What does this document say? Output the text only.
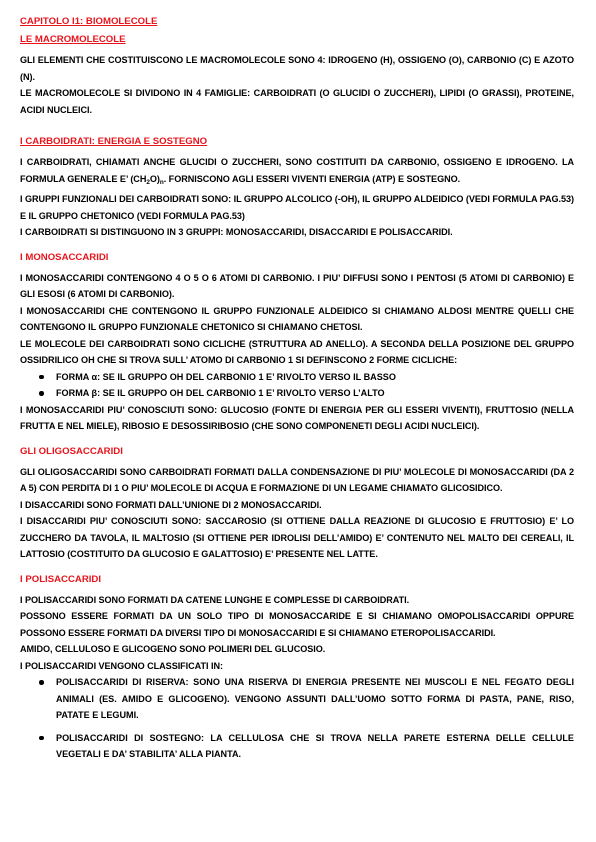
CAPITOLO I1: BIOMOLECOLE
LE MACROMOLECOLE

GLI ELEMENTI CHE COSTITUISCONO LE MACROMOLECOLE SONO 4: IDROGENO (H), OSSIGENO (O), CARBONIO (C) E AZOTO (N).

LE MACROMOLECOLE SI DIVIDONO IN 4 FAMIGLIE: CARBOIDRATI (O GLUCIDI O ZUCCHERI), LIPIDI (O GRASSI), PROTEINE, ACIDI NUCLEICI.

I CARBOIDRATI: ENERGIA E SOSTEGNO

I CARBOIDRATI, CHIAMATI ANCHE GLUCIDI O ZUCCHERI, SONO COSTITUITI DA CARBONIO, OSSIGENO E IDROGENO. LA FORMULA GENERALE E’ $(CH_2O)_n$. FORNISCONO AGLI ESSERI VIVENTI ENERGIA (ATP) E SOSTEGNO.

I GRUPPI FUNZIONALI DEI CARBOIDRATI SONO: IL GRUPPO ALCOLICO (-OH), IL GRUPPO ALDEIDICO (VEDI FORMULA PAG.53) E IL GRUPPO CHETONICO (VEDI FORMULA PAG.53)

I CARBOIDRATI SI DISTINGUONO IN 3 GRUPPI: MONOSACCARIDI, DISACCARIDI E POLISACCARIDI.

I MONOSACCARIDI

I MONOSACCARIDI CONTENGONO 4 O 5 O 6 ATOMI DI CARBONIO. I PIU’ DIFFUSI SONO I PENTOSI (5 ATOMI DI CARBONIO) E GLI ESOSI (6 ATOMI DI CARBONIO).

I MONOSACCARIDI CHE CONTENGONO IL GRUPPO FUNZIONALE ALDEIDICO SI CHIAMANO ALDOSI MENTRE QUELLI CHE CONTENGONO IL GRUPPO FUNZIONALE CHETONICO SI CHIAMANO CHETOSI.

LE MOLECOLE DEI CARBOIDRATI SONO CICLICHE (STRUTTURA AD ANELLO). A SECONDA DELLA POSIZIONE DEL GRUPPO OSSIDRILICO OH CHE SI TROVA SULL’ ATOMO DI CARBONIO 1 SI DEFINSCONO 2 FORME CICLICHE:

FORMA α: SE IL GRUPPO OH DEL CARBONIO 1 E’ RIVOLTO VERSO IL BASSO
FORMA β: SE IL GRUPPO OH DEL CARBONIO 1 E’ RIVOLTO VERSO L’ALTO

I MONOSACCARIDI PIU’ CONOSCIUTI SONO: GLUCOSIO (FONTE DI ENERGIA PER GLI ESSERI VIVENTI), FRUTTOSIO (NELLA FRUTTA E NEL MIELE), RIBOSIO E DESOSSIRIBOSIO (CHE SONO COMPONENETI DEGLI ACIDI NUCLEICI).

GLI OLIGOSACCARIDI

GLI OLIGOSACCARIDI SONO CARBOIDRATI FORMATI DALLA CONDENSAZIONE DI PIU’ MOLECOLE DI MONOSACCARIDI (DA 2 A 5) CON PERDITA DI 1 O PIU’ MOLECOLE DI ACQUA E FORMAZIONE DI UN LEGAME CHIAMATO GLICOSIDICO.

I DISACCARIDI SONO FORMATI DALL’UNIONE DI 2 MONOSACCARIDI.

I DISACCARIDI PIU’ CONOSCIUTI SONO: SACCAROSIO (SI OTTIENE DALLA REAZIONE DI GLUCOSIO E FRUTTOSIO) E’ LO ZUCCHERO DA TAVOLA, IL MALTOSIO (SI OTTIENE PER IDROLISI DELL’AMIDO) E’ CONTENUTO NEL MALTO DEI CEREALI, IL LATTOSIO (COSTITUITO DA GLUCOSIO E GALATTOSIO) E’ PRESENTE NEL LATTE.

I POLISACCARIDI

I POLISACCARIDI SONO FORMATI DA CATENE LUNGHE E COMPLESSE DI CARBOIDRATI.

POSSONO ESSERE FORMATI DA UN SOLO TIPO DI MONOSACCARIDE E SI CHIAMANO OMOPOLISACCARIDI OPPURE POSSONO ESSERE FORMATI DA DIVERSI TIPO DI MONOSACCARIDI E SI CHIAMANO ETEROPOLISACCARIDI.

AMIDO, CELLULOSO E GLICOGENO SONO POLIMERI DEL GLUCOSIO.

I POLISACCARIDI VENGONO CLASSIFICATI IN:

POLISACCARIDI DI RISERVA: SONO UNA RISERVA DI ENERGIA PRESENTE NEI MUSCOLI E NEL FEGATO DEGLI ANIMALI (ES. AMIDO E GLICOGENO). VENGONO ASSUNTI DALL’UOMO SOTTO FORMA DI PASTA, PANE, RISO, PATATE E LEGUMI.
POLISACCARIDI DI SOSTEGNO: LA CELLULOSA CHE SI TROVA NELLA PARETE ESTERNA DELLE CELLULE VEGETALI E DA’ STABILITA’ ALLA PIANTA.
